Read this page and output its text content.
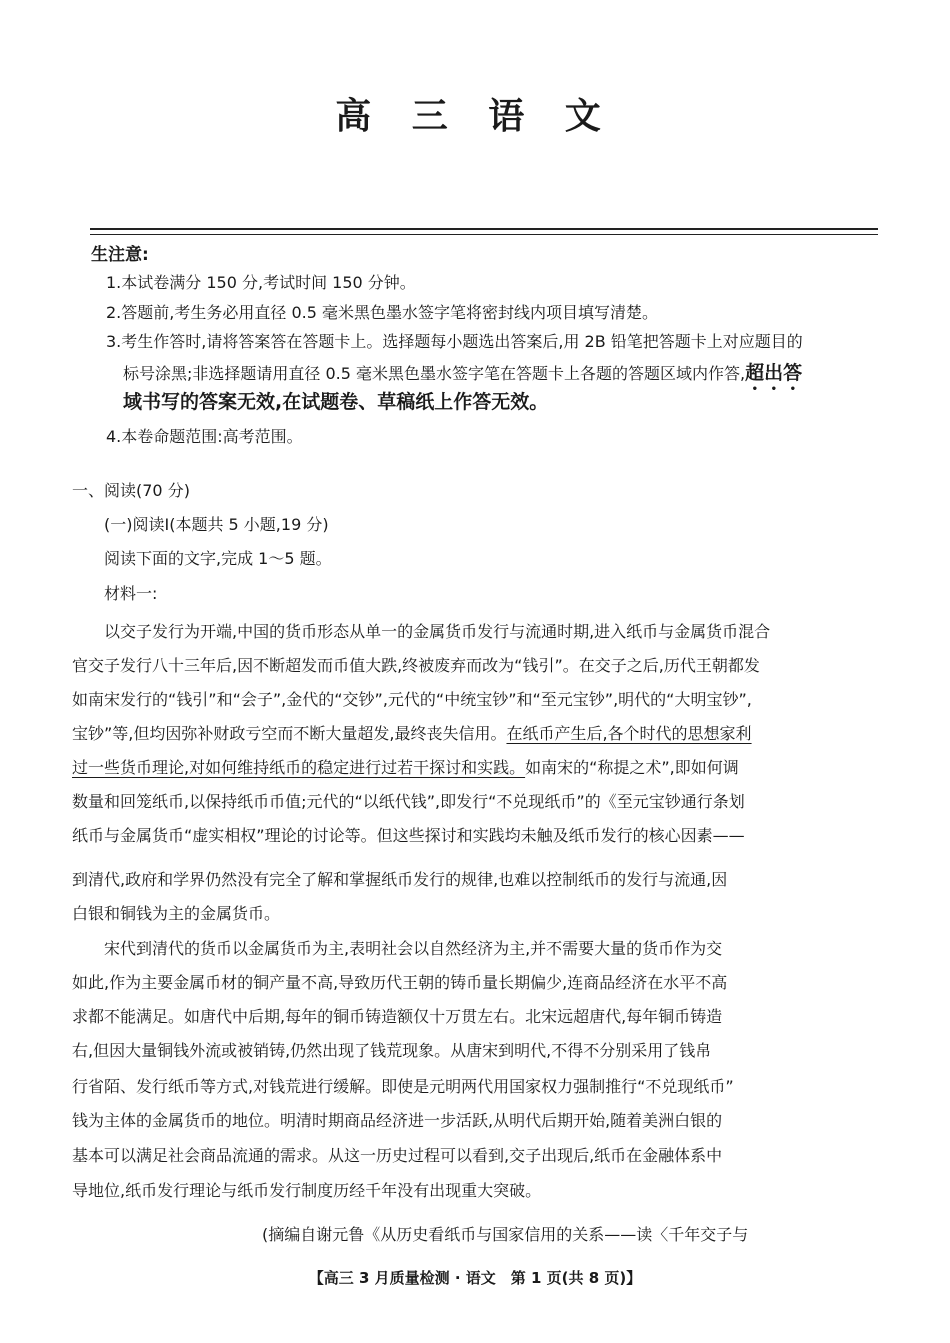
高 三 语 文
生注意:
1.本试卷满分 150 分,考试时间 150 分钟。
2.答题前,考生务必用直径 0.5 毫米黑色墨水签字笔将密封线内项目填写清楚。
3.考生作答时,请将答案答在答题卡上。选择题每小题选出答案后,用 2B 铅笔把答题卡上对应题目的
标号涂黑;非选择题请用直径 0.5 毫米黑色墨水签字笔在答题卡上各题的答题区域内作答,超出答
域书写的答案无效,在试题卷、草稿纸上作答无效。
4.本卷命题范围:高考范围。
一、阅读(70 分)
(一)阅读Ⅰ(本题共 5 小题,19 分)
阅读下面的文字,完成 1～5 题。
材料一:
以交子发行为开端,中国的货币形态从单一的金属货币发行与流通时期,进入纸币与金属货币混合
官交子发行八十三年后,因不断超发而币值大跌,终被废弃而改为“钱引”。在交子之后,历代王朝都发
如南宋发行的“钱引”和“会子”,金代的“交钞”,元代的“中统宝钞”和“至元宝钞”,明代的“大明宝钞”,
宝钞”等,但均因弥补财政亏空而不断大量超发,最终丧失信用。在纸币产生后,各个时代的思想家利
过一些货币理论,对如何维持纸币的稳定进行过若干探讨和实践。如南宋的“称提之术”,即如何调
数量和回笼纸币,以保持纸币币值;元代的“以纸代钱”,即发行“不兑现纸币”的《至元宝钞通行条划
纸币与金属货币“虚实相权”理论的讨论等。但这些探讨和实践均未触及纸币发行的核心因素——
到清代,政府和学界仍然没有完全了解和掌握纸币发行的规律,也难以控制纸币的发行与流通,因
白银和铜钱为主的金属货币。
宋代到清代的货币以金属货币为主,表明社会以自然经济为主,并不需要大量的货币作为交
如此,作为主要金属币材的铜产量不高,导致历代王朝的铸币量长期偏少,连商品经济在水平不高
求都不能满足。如唐代中后期,每年的铜币铸造额仅十万贯左右。北宋远超唐代,每年铜币铸造
右,但因大量铜钱外流或被销铸,仍然出现了钱荒现象。从唐宋到明代,不得不分别采用了钱帛
行省陌、发行纸币等方式,对钱荒进行缓解。即使是元明两代用国家权力强制推行“不兑现纸币”
钱为主体的金属货币的地位。明清时期商品经济进一步活跃,从明代后期开始,随着美洲白银的
基本可以满足社会商品流通的需求。从这一历史过程可以看到,交子出现后,纸币在金融体系中
导地位,纸币发行理论与纸币发行制度历经千年没有出现重大突破。
(摘编自谢元鲁《从历史看纸币与国家信用的关系——读〈千年交子与
【高三 3 月质量检测 · 语文　第 1 页(共 8 页)】
